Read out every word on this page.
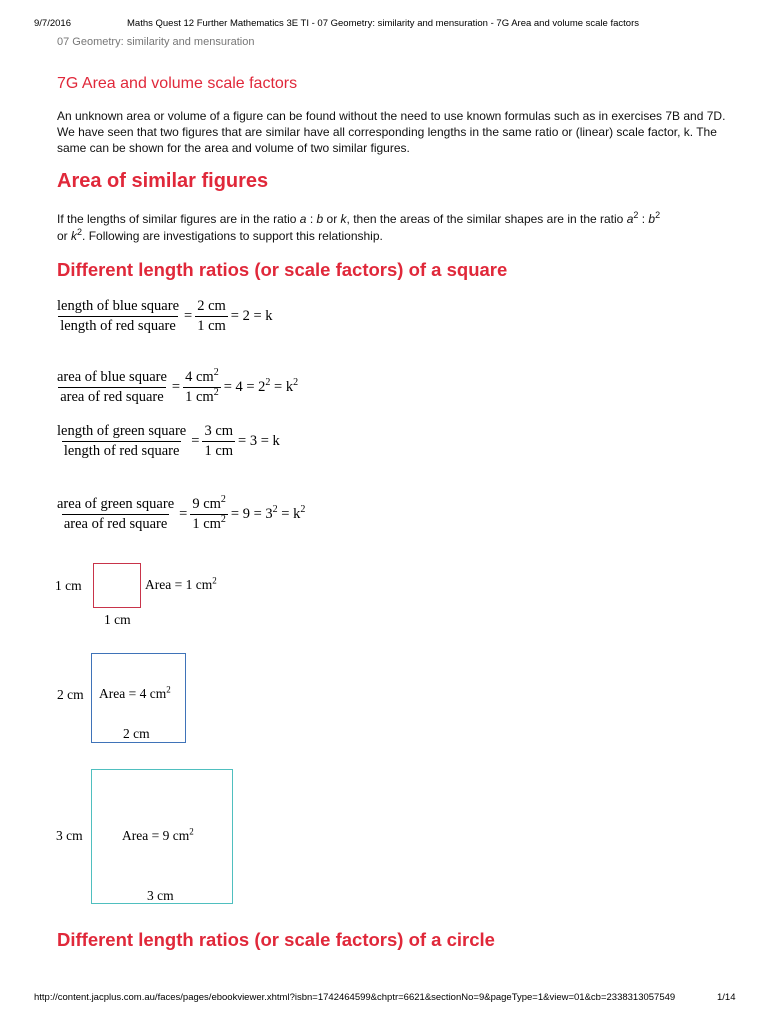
9/7/2016	Maths Quest 12 Further Mathematics 3E TI - 07 Geometry: similarity and mensuration - 7G Area and volume scale factors
07 Geometry: similarity and mensuration
7G Area and volume scale factors
An unknown area or volume of a figure can be found without the need to use known formulas such as in exercises 7B and 7D. We have seen that two figures that are similar have all corresponding lengths in the same ratio or (linear) scale factor, k. The same can be shown for the area and volume of two similar figures.
Area of similar figures
If the lengths of similar figures are in the ratio a : b or k, then the areas of the similar shapes are in the ratio $a^2$ : $b^2$
or $k^2$. Following are investigations to support this relationship.
Different length ratios (or scale factors) of a square
$\frac{\text{length of blue square}}{\text{length of red square}} = \frac{2 cm}{1 cm} = 2 = k$
$\frac{\text{area of blue square}}{\text{area of red square}} = \frac{4 cm^2}{1 cm^2} = 4 = 2^2 = k^2$
$\frac{\text{length of green square}}{\text{length of red square}} = \frac{3 cm}{1 cm} = 3 = k$
$\frac{\text{area of green square}}{\text{area of red square}} = \frac{9 cm^2}{1 cm^2} = 9 = 3^2 = k^2$
1 cm	Area = 1 $cm^2$
1 cm
2 cm Area = 4 $cm^2$
2 cm
3 cm	Area = 9 $cm^2$
3 cm
Different length ratios (or scale factors) of a circle
http://content.jacplus.com.au/faces/pages/ebookviewer.xhtml?isbn=1742464599&chptr=6621&sectionNo=9&pageType=1&view=01&cb=2338313057549	1/14
